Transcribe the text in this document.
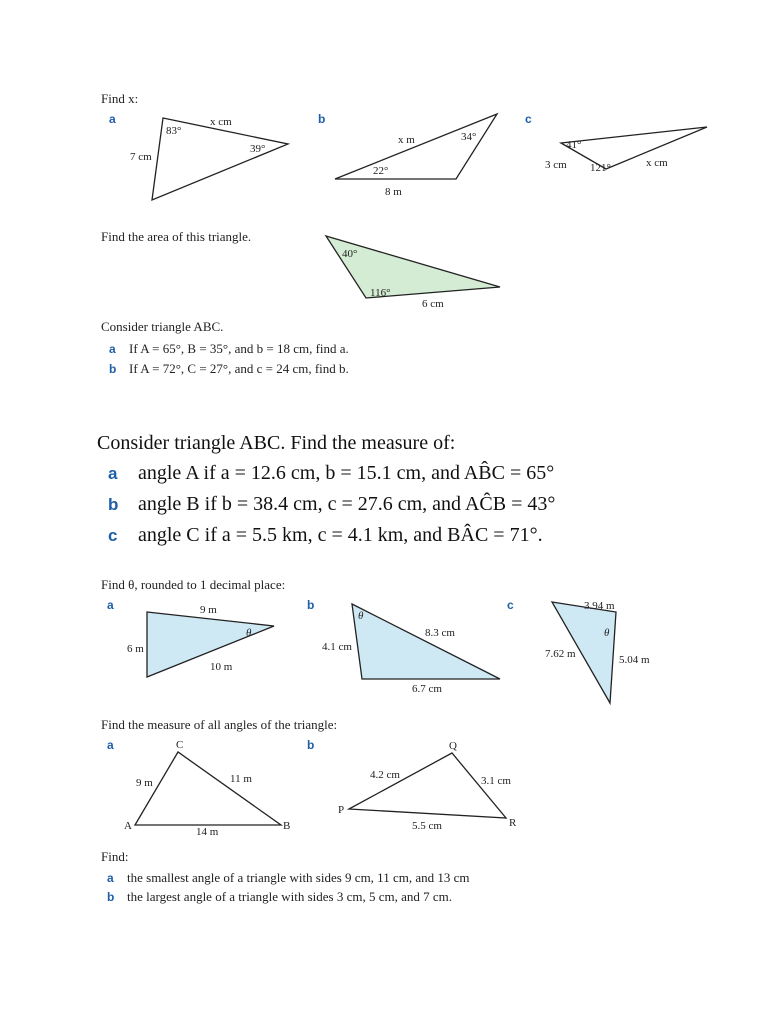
Find x:
a	b	c
x cm
7 cm
83°
39°
x m
8 m
34°
22°
41°
121°
3 cm	x cm
40°
116°
6 cm
9 m
6 m
10 m
θ
θ
4.1 cm
8.3 cm
6.7 cm
3.94 m
θ
7.62 m	5.04 m
C
A	B
9 m	11 m
14 m
Q
P
R
4.2 cm	3.1 cm
5.5 cm
Find the area of this triangle.
Consider triangle ABC.
a If A = 65°, B = 35°, and b = 18 cm, find a.
b If A = 72°, C = 27°, and c = 24 cm, find b.
Consider triangle ABC. Find the measure of:
a angle A if a = 12.6 cm, b = 15.1 cm, and AB̂C = 65°
b angle B if b = 38.4 cm, c = 27.6 cm, and AĈB = 43°
c angle C if a = 5.5 km, c = 4.1 km, and BÂC = 71°.
Find θ, rounded to 1 decimal place:
a	b	c
Find the measure of all angles of the triangle:
a	b
Find:
a the smallest angle of a triangle with sides 9 cm, 11 cm, and 13 cm
b the largest angle of a triangle with sides 3 cm, 5 cm, and 7 cm.
